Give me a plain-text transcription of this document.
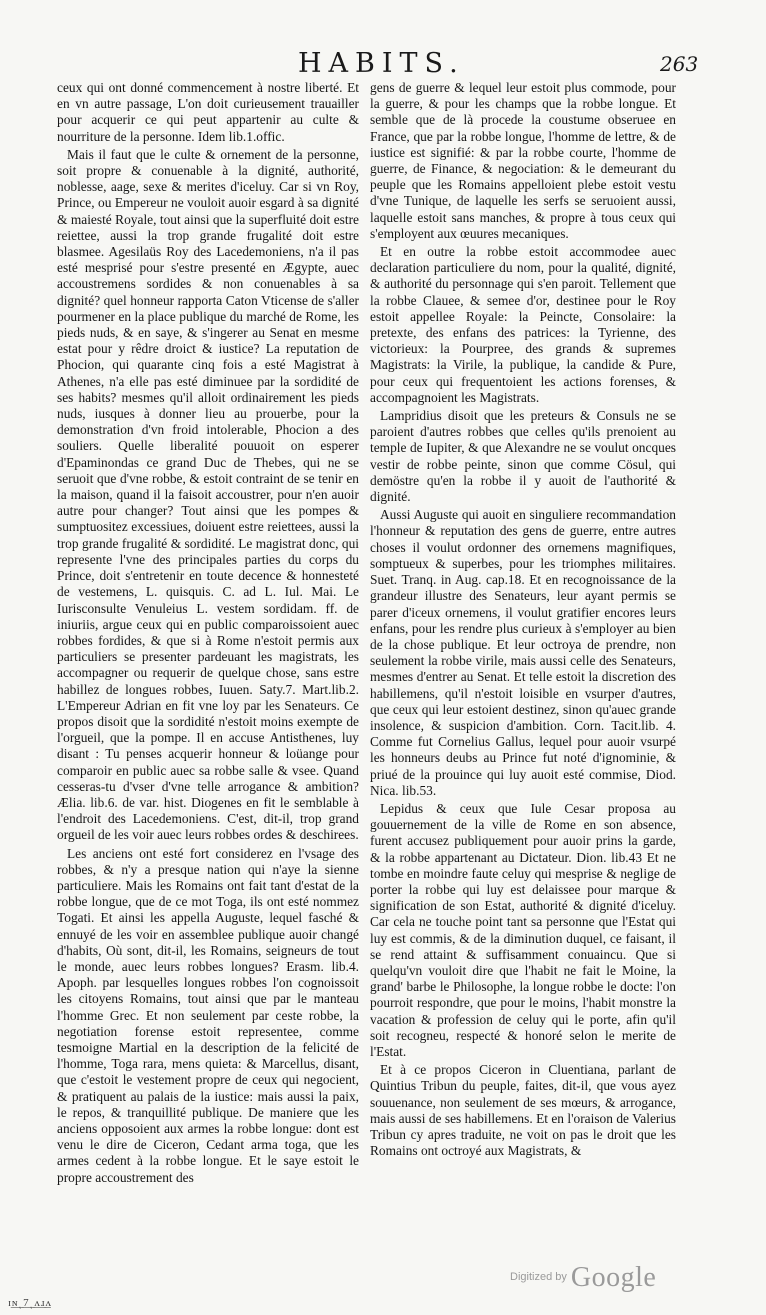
HABITS.	263

ceux qui ont donné commencement à nostre liberté. Et en vn autre passage, L'on doit curieusement trauailler pour acquerir ce qui peut appartenir au culte & nourriture de la personne. Idem lib.1.offic.

Mais il faut que le culte & ornement de la personne, soit propre & conuenable à la dignité, authorité, noblesse, aage, sexe & merites d'iceluy. Car si vn Roy, Prince, ou Empereur ne vouloit auoir esgard à sa dignité & maiesté Royale, tout ainsi que la superfluité doit estre reiettee, aussi la trop grande frugalité doit estre blasmee. Agesilaüs Roy des Lacedemoniens, n'a il pas esté mesprisé pour s'estre presenté en Ægypte, auec accoustremens sordides & non conuenables à sa dignité? quel honneur rapporta Caton Vticense de s'aller pourmener en la place publique du marché de Rome, les pieds nuds, & en saye, & s'ingerer au Senat en mesme estat pour y rêdre droict & iustice? La reputation de Phocion, qui quarante cinq fois a esté Magistrat à Athenes, n'a elle pas esté diminuee par la sordidité de ses habits? mesmes qu'il alloit ordinairement les pieds nuds, iusques à donner lieu au prouerbe, pour la demonstration d'vn froid intolerable, Phocion a des souliers. Quelle liberalité pouuoit on esperer d'Epaminondas ce grand Duc de Thebes, qui ne se seruoit que d'vne robbe, & estoit contraint de se tenir en la maison, quand il la faisoit accoustrer, pour n'en auoir autre pour changer? Tout ainsi que les pompes & sumptuositez excessiues, doiuent estre reiettees, aussi la trop grande frugalité & sordidité. Le magistrat donc, qui represente l'vne des principales parties du corps du Prince, doit s'entretenir en toute decence & honnesteté de vestemens, L. quisquis. C. ad L. Iul. Mai. Le Iurisconsulte Venuleius L. vestem sordidam. ff. de iniuriis, argue ceux qui en public comparoissoient auec robbes fordides, & que si à Rome n'estoit permis aux particuliers se presenter pardeuant les magistrats, les accompagner ou requerir de quelque chose, sans estre habillez de longues robbes, Iuuen. Saty.7. Mart.lib.2. L'Empereur Adrian en fit vne loy par les Senateurs. Ce propos disoit que la sordidité n'estoit moins exempte de l'orgueil, que la pompe. Il en accuse Antisthenes, luy disant : Tu penses acquerir honneur & loüange pour comparoir en public auec sa robbe salle & vsee. Quand cesseras-tu d'vser d'vne telle arrogance & ambition? Ælia. lib.6. de var. hist. Diogenes en fit le semblable à l'endroit des Lacedemoniens. C'est, dit-il, trop grand orgueil de les voir auec leurs robbes ordes & deschirees.

Les anciens ont esté fort considerez en l'vsage des robbes, & n'y a presque nation qui n'aye la sienne particuliere. Mais les Romains ont fait tant d'estat de la robbe longue, que de ce mot Toga, ils ont esté nommez Togati. Et ainsi les appella Auguste, lequel fasché & ennuyé de les voir en assemblee publique auoir changé d'habits, Où sont, dit-il, les Romains, seigneurs de tout le monde, auec leurs robbes longues? Erasm. lib.4. Apoph. par lesquelles longues robbes l'on cognoissoit les citoyens Romains, tout ainsi que par le manteau l'homme Grec. Et non seulement par ceste robbe, la negotiation forense estoit representee, comme tesmoigne Martial en la description de la felicité de l'homme, Toga rara, mens quieta: & Marcellus, disant, que c'estoit le vestement propre de ceux qui negocient, & pratiquent au palais de la iustice: mais aussi la paix, le repos, & tranquillité publique. De maniere que les anciens opposoient aux armes la robbe longue: dont est venu le dire de Ciceron, Cedant arma toga, que les armes cedent à la robbe longue. Et le saye estoit le propre accoustrement des

gens de guerre & lequel leur estoit plus commode, pour la guerre, & pour les champs que la robbe longue. Et semble que de là procede la coustume obseruee en France, que par la robbe longue, l'homme de lettre, & de iustice est signifié: & par la robbe courte, l'homme de guerre, de Finance, & negociation: & le demeurant du peuple que les Romains appelloient plebe estoit vestu d'vne Tunique, de laquelle les serfs se seruoient aussi, laquelle estoit sans manches, & propre à tous ceux qui s'employent aux œuures mecaniques.

Et en outre la robbe estoit accommodee auec declaration particuliere du nom, pour la qualité, dignité, & authorité du personnage qui s'en paroit. Tellement que la robbe Clauee, & semee d'or, destinee pour le Roy estoit appellee Royale: la Peincte, Consolaire: la pretexte, des enfans des patrices: la Tyrienne, des victorieux: la Pourpree, des grands & supremes Magistrats: la Virile, la publique, la candide & Pure, pour ceux qui frequentoient les actions forenses, & accompagnoient les Magistrats.

Lampridius disoit que les preteurs & Consuls ne se paroient d'autres robbes que celles qu'ils prenoient au temple de Iupiter, & que Alexandre ne se voulut oncques vestir de robbe peinte, sinon que comme Cösul, qui demöstre qu'en la robbe il y auoit de l'authorité & dignité.

Aussi Auguste qui auoit en singuliere recommandation l'honneur & reputation des gens de guerre, entre autres choses il voulut ordonner des ornemens magnifiques, somptueux & superbes, pour les triomphes militaires. Suet. Tranq. in Aug. cap.18. Et en recognoissance de la grandeur illustre des Senateurs, leur ayant permis se parer d'iceux ornemens, il voulut gratifier encores leurs enfans, pour les rendre plus curieux à s'employer au bien de la chose publique. Et leur octroya de prendre, non seulement la robbe virile, mais aussi celle des Senateurs, mesmes d'entrer au Senat. Et telle estoit la discretion des habillemens, qu'il n'estoit loisible en vsurper d'autres, que ceux qui leur estoient destinez, sinon qu'auec grande insolence, & suspicion d'ambition. Corn. Tacit.lib. 4. Comme fut Cornelius Gallus, lequel pour auoir vsurpé les honneurs deubs au Prince fut noté d'ignominie, & priué de la prouince qui luy auoit esté commise, Diod. Nica. lib.53.

Lepidus & ceux que Iule Cesar proposa au gouuernement de la ville de Rome en son absence, furent accusez publiquement pour auoir prins la garde, & la robbe appartenant au Dictateur. Dion. lib.43 Et ne tombe en moindre faute celuy qui mesprise & neglige de porter la robbe qui luy est delaissee pour marque & signification de son Estat, authorité & dignité d'iceluy. Car cela ne touche point tant sa personne que l'Estat qui luy est commis, & de la diminution duquel, ce faisant, il se rend attaint & suffisamment conuaincu. Que si quelqu'vn vouloit dire que l'habit ne fait le Moine, la grand' barbe le Philosophe, la longue robbe le docte: l'on pourroit respondre, que pour le moins, l'habit monstre la vacation & profession de celuy qui le porte, afin qu'il soit recogneu, respecté & honoré selon le merite de l'Estat.

Et à ce propos Ciceron in Cluentiana, parlant de Quintius Tribun du peuple, faites, dit-il, que vous ayez souuenance, non seulement de ses mœurs, & arrogance, mais aussi de ses habillemens. Et en l'oraison de Valerius Tribun cy apres traduite, ne voit on pas le droit que les Romains ont octroyé aux Magistrats, &

ɪ͟ɴ͟ͺ͟7͟ͺ͟ᴧ͟ɹ͟ᴧ
$^{Digitized by}$ Google
